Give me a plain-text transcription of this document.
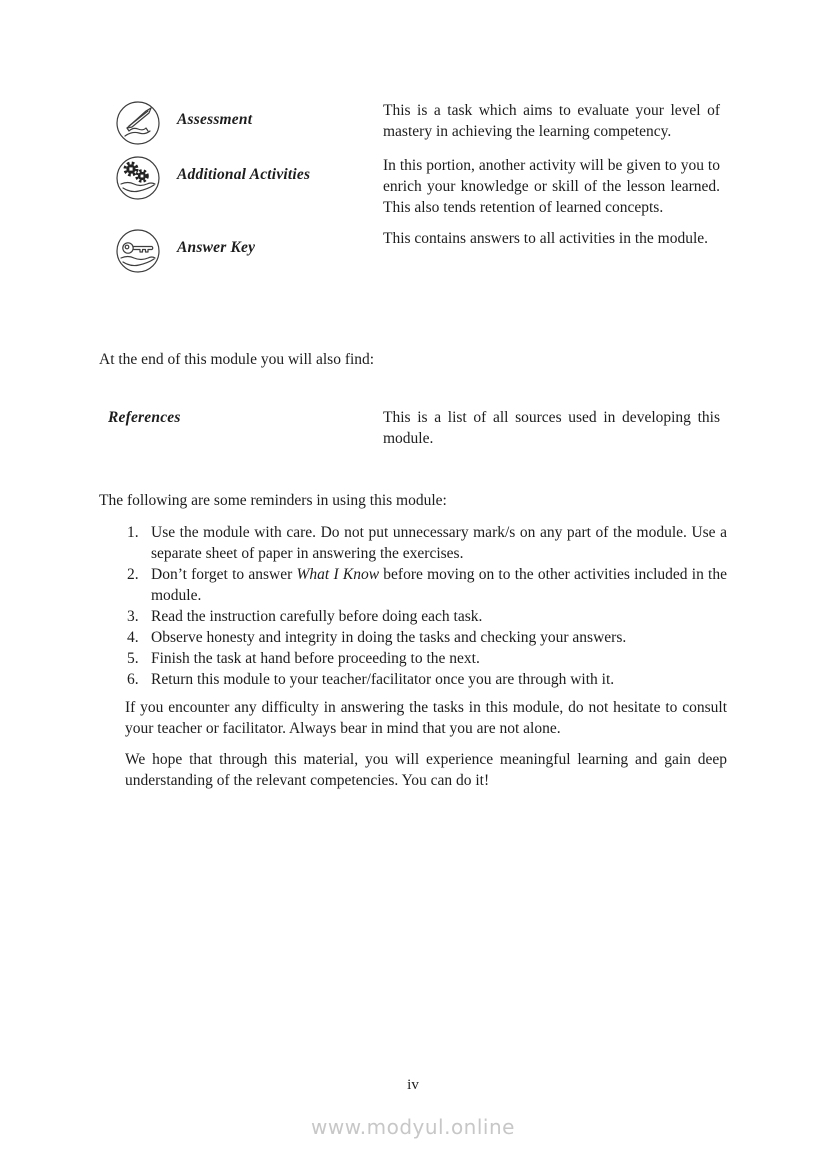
Assessment
This is a task which aims to evaluate your level of mastery in achieving the learning competency.
Additional Activities
In this portion, another activity will be given to you to enrich your knowledge or skill of the lesson learned. This also tends retention of learned concepts.
Answer Key
This contains answers to all activities in the module.
At the end of this module you will also find:
References	This is a list of all sources used in developing this module.
The following are some reminders in using this module:
1. Use the module with care. Do not put unnecessary mark/s on any part of the module. Use a separate sheet of paper in answering the exercises.
2. Don’t forget to answer What I Know before moving on to the other activities included in the module.
3. Read the instruction carefully before doing each task.
4. Observe honesty and integrity in doing the tasks and checking your answers.
5. Finish the task at hand before proceeding to the next.
6. Return this module to your teacher/facilitator once you are through with it.

If you encounter any difficulty in answering the tasks in this module, do not hesitate to consult your teacher or facilitator. Always bear in mind that you are not alone.

We hope that through this material, you will experience meaningful learning and gain deep understanding of the relevant competencies. You can do it!

iv
www.modyul.online
